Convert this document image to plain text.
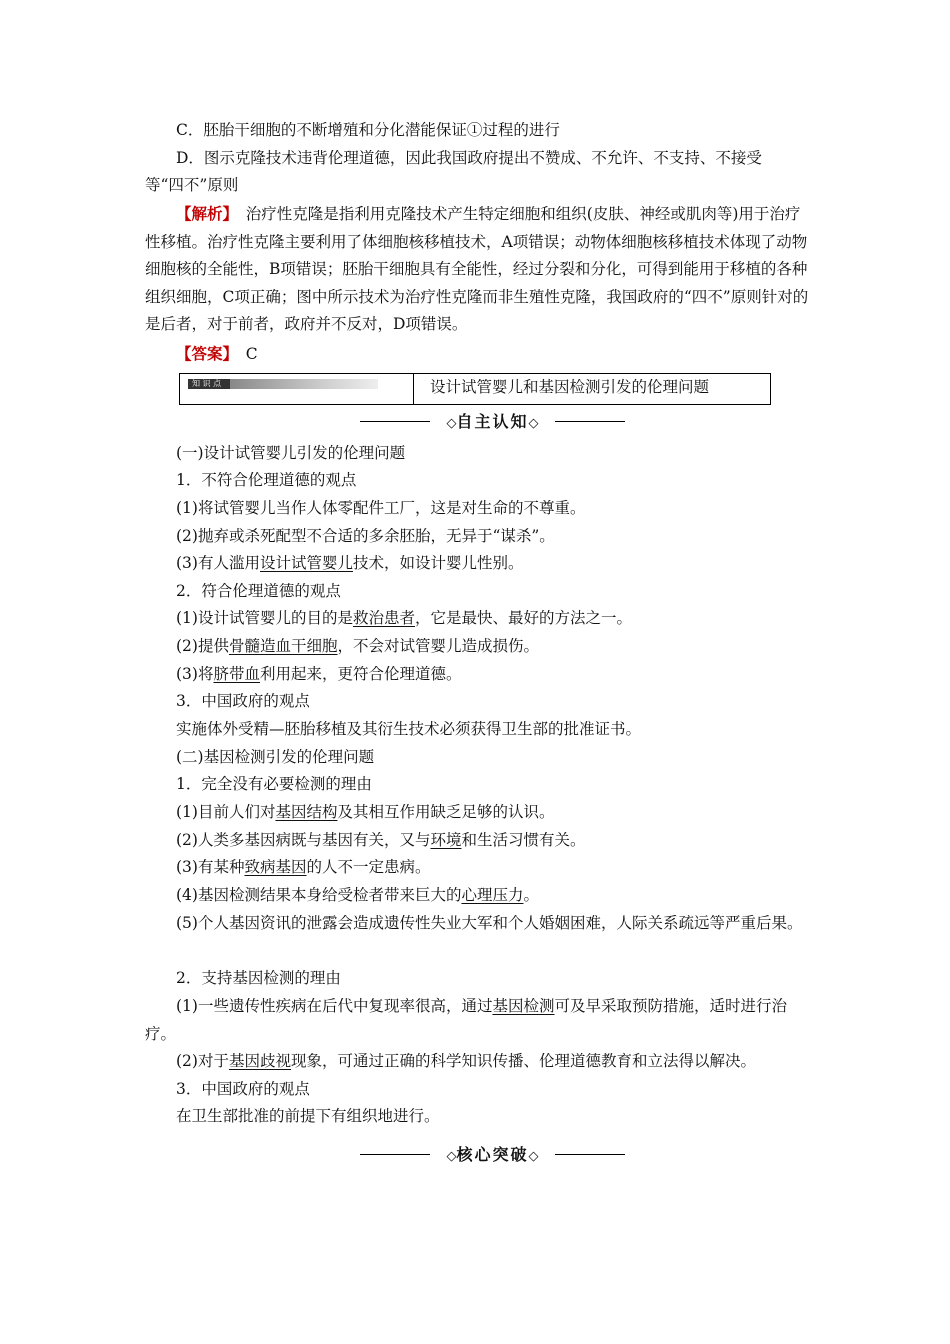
C．胚胎干细胞的不断增殖和分化潜能保证①过程的进行
D．图示克隆技术违背伦理道德，因此我国政府提出不赞成、不允许、不支持、不接受
等“四不”原则
【解析】　 治疗性克隆是指利用克隆技术产生特定细胞和组织(皮肤、神经或肌肉等)用于治疗性移植。治疗性克隆主要利用了体细胞核移植技术，A项错误；动物体细胞核移植技术体现了动物细胞核的全能性，B项错误；胚胎干细胞具有全能性，经过分裂和分化，可得到能用于移植的各种组织细胞，C项正确；图中所示技术为治疗性克隆而非生殖性克隆，我国政府的“四不”原则针对的是后者，对于前者，政府并不反对，D项错误。
【答案】　 C
知 识 点	设计试管婴儿和基因检测引发的伦理问题
◇自主认知◇
(一)设计试管婴儿引发的伦理问题
1．不符合伦理道德的观点
(1)将试管婴儿当作人体零配件工厂，这是对生命的不尊重。
(2)抛弃或杀死配型不合适的多余胚胎，无异于“谋杀”。
(3)有人滥用设计试管婴儿技术，如设计婴儿性别。
2．符合伦理道德的观点
(1)设计试管婴儿的目的是救治患者，它是最快、最好的方法之一。
(2)提供骨髓造血干细胞，不会对试管婴儿造成损伤。
(3)将脐带血利用起来，更符合伦理道德。
3．中国政府的观点
实施体外受精—胚胎移植及其衍生技术必须获得卫生部的批准证书。
(二)基因检测引发的伦理问题
1．完全没有必要检测的理由
(1)目前人们对基因结构及其相互作用缺乏足够的认识。
(2)人类多基因病既与基因有关，又与环境和生活习惯有关。
(3)有某种致病基因的人不一定患病。
(4)基因检测结果本身给受检者带来巨大的心理压力。
(5)个人基因资讯的泄露会造成遗传性失业大军和个人婚姻困难，人际关系疏远等严重后果。
2．支持基因检测的理由
(1)一些遗传性疾病在后代中复现率很高，通过基因检测可及早采取预防措施，适时进行治疗。
(2)对于基因歧视现象，可通过正确的科学知识传播、伦理道德教育和立法得以解决。
3．中国政府的观点
在卫生部批准的前提下有组织地进行。
◇核心突破◇
